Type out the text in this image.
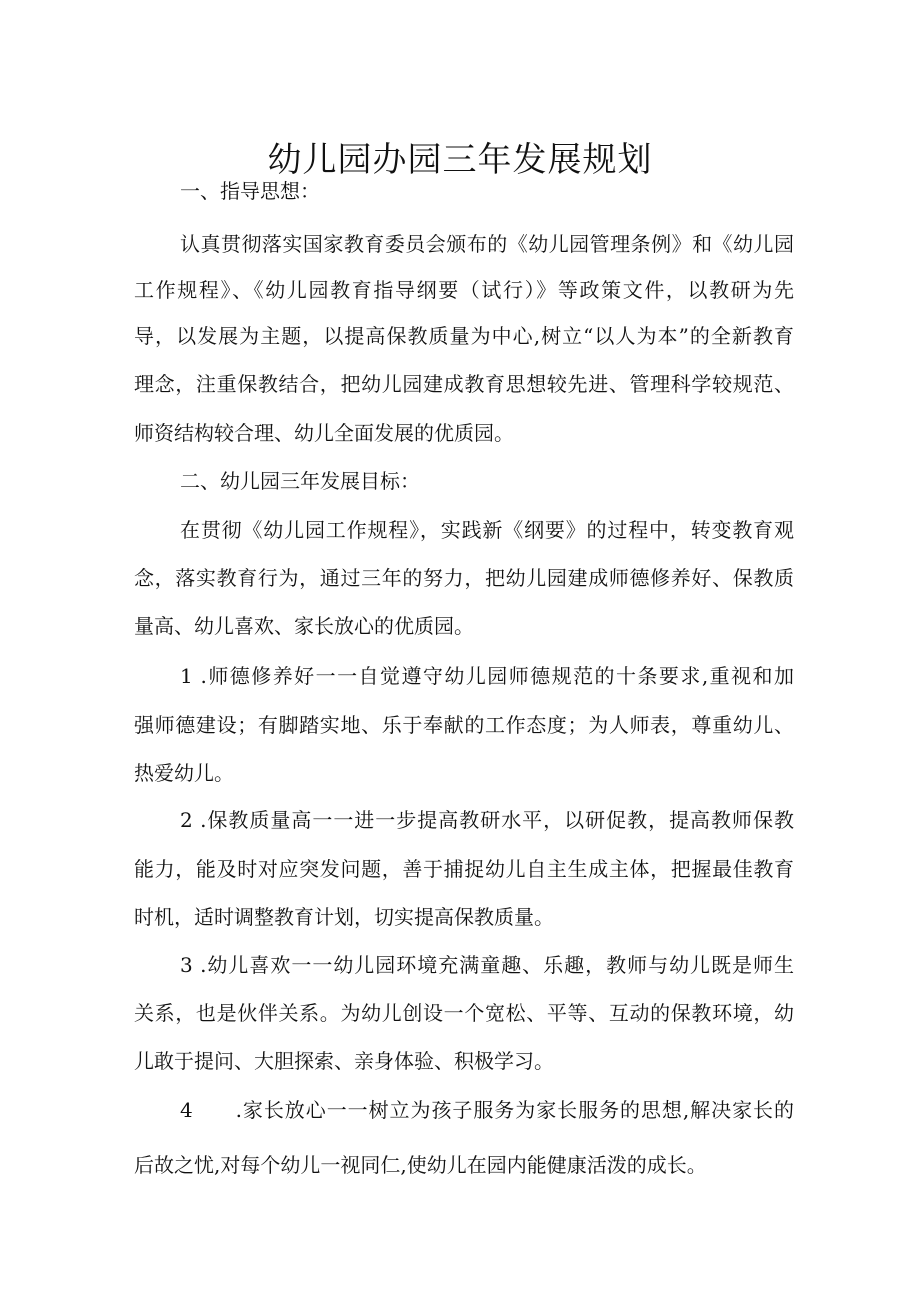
幼儿园办园三年发展规划
一、指导思想：
认真贯彻落实国家教育委员会颁布的《幼儿园管理条例》和《幼儿园
工作规程》、《幼儿园教育指导纲要（试行）》等政策文件，以教研为先
导，以发展为主题，以提高保教质量为中心,树立“以人为本”的全新教育
理念，注重保教结合，把幼儿园建成教育思想较先进、管理科学较规范、
师资结构较合理、幼儿全面发展的优质园。
二、幼儿园三年发展目标：
在贯彻《幼儿园工作规程》，实践新《纲要》的过程中，转变教育观
念，落实教育行为，通过三年的努力，把幼儿园建成师德修养好、保教质
量高、幼儿喜欢、家长放心的优质园。
1 .师德修养好一一自觉遵守幼儿园师德规范的十条要求,重视和加
强师德建设；有脚踏实地、乐于奉献的工作态度；为人师表，尊重幼儿、
热爱幼儿。
2 .保教质量高一一进一步提高教研水平，以研促教，提高教师保教
能力，能及时对应突发问题，善于捕捉幼儿自主生成主体，把握最佳教育
时机，适时调整教育计划，切实提高保教质量。
3 .幼儿喜欢一一幼儿园环境充满童趣、乐趣，教师与幼儿既是师生
关系，也是伙伴关系。为幼儿创设一个宽松、平等、互动的保教环境，幼
儿敢于提问、大胆探索、亲身体验、积极学习。
4　　.家长放心一一树立为孩子服务为家长服务的思想,解决家长的
后故之忧,对每个幼儿一视同仁,使幼儿在园内能健康活泼的成长。
